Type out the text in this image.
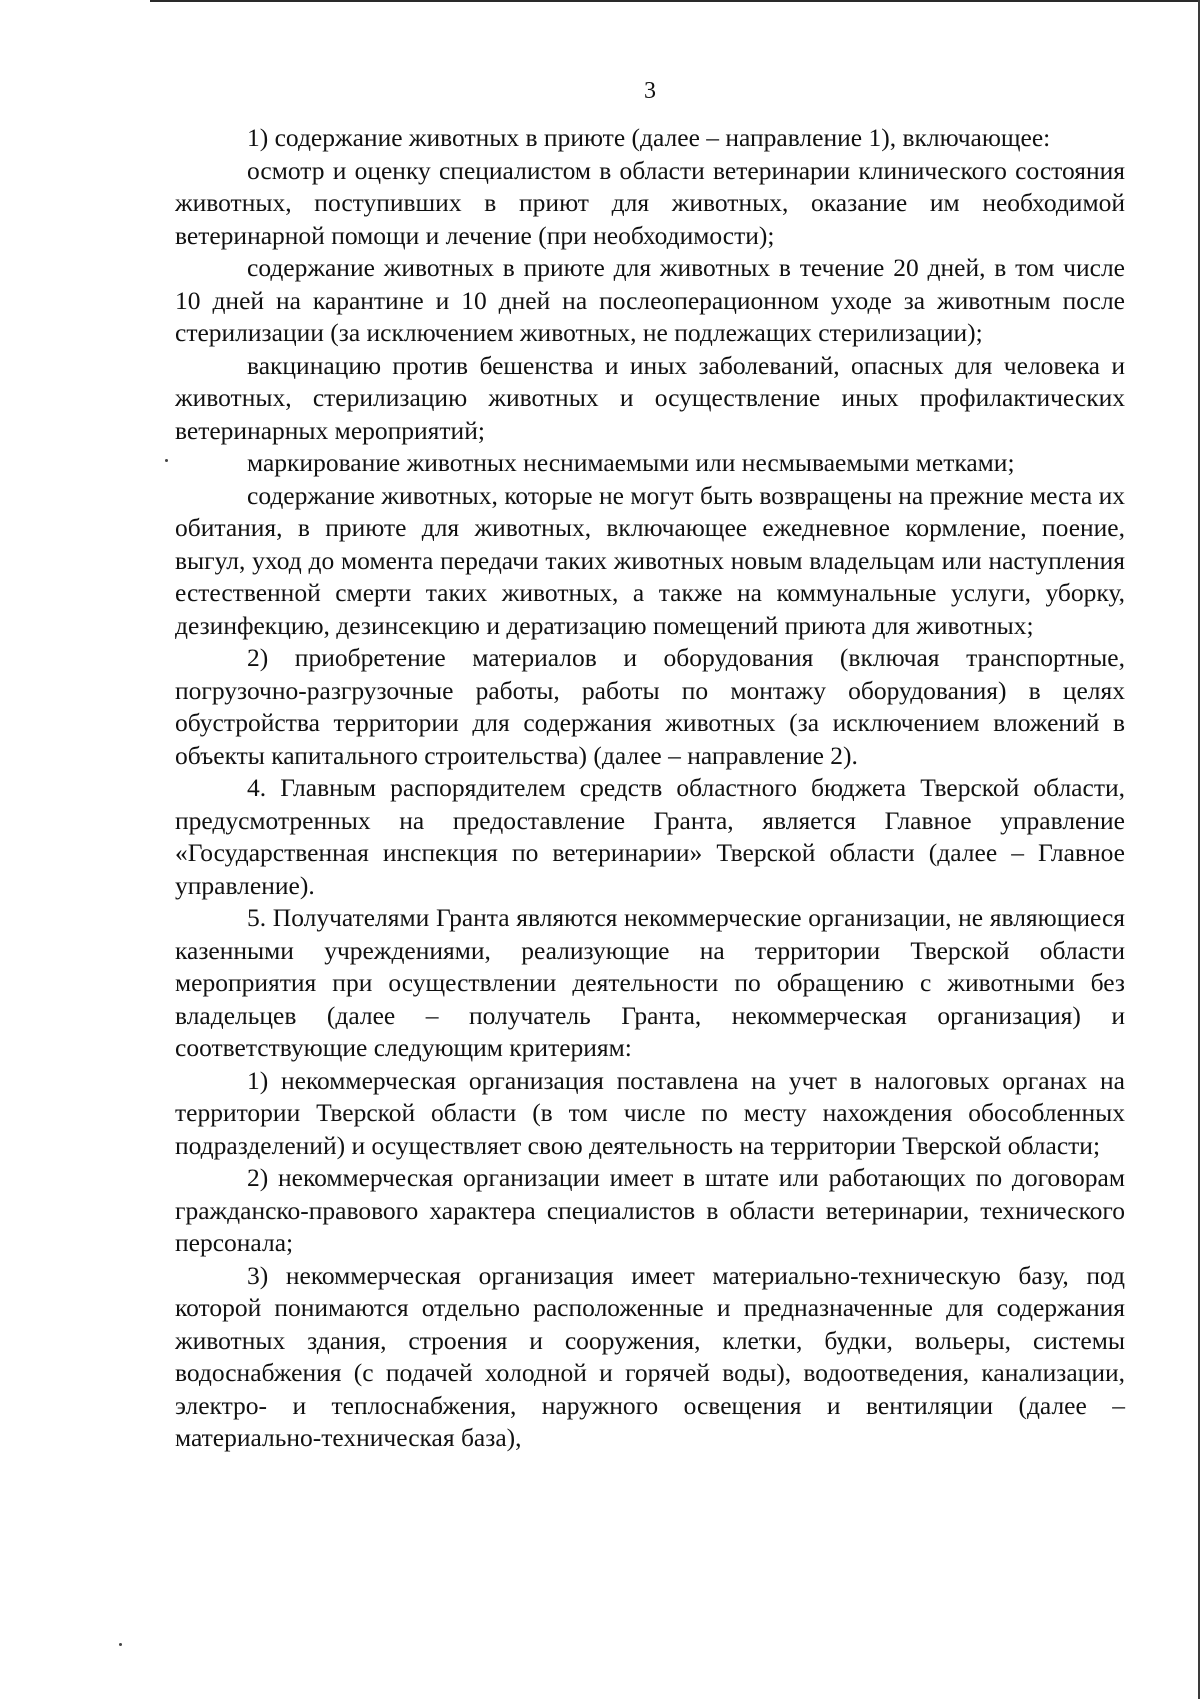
3

1) содержание животных в приюте (далее – направление 1), включающее:

осмотр и оценку специалистом в области ветеринарии клинического состояния животных, поступивших в приют для животных, оказание им необходимой ветеринарной помощи и лечение (при необходимости);

содержание животных в приюте для животных в течение 20 дней, в том числе 10 дней на карантине и 10 дней на послеоперационном уходе за животным после стерилизации (за исключением животных, не подлежащих стерилизации);

вакцинацию против бешенства и иных заболеваний, опасных для человека и животных, стерилизацию животных и осуществление иных профилактических ветеринарных мероприятий;

маркирование животных неснимаемыми или несмываемыми метками;

содержание животных, которые не могут быть возвращены на прежние места их обитания, в приюте для животных, включающее ежедневное кормление, поение, выгул, уход до момента передачи таких животных новым владельцам или наступления естественной смерти таких животных, а также на коммунальные услуги, уборку, дезинфекцию, дезинсекцию и дератизацию помещений приюта для животных;

2) приобретение материалов и оборудования (включая транспортные, погрузочно-разгрузочные работы, работы по монтажу оборудования) в целях обустройства территории для содержания животных (за исключением вложений в объекты капитального строительства) (далее – направление 2).

4. Главным распорядителем средств областного бюджета Тверской области, предусмотренных на предоставление Гранта, является Главное управление «Государственная инспекция по ветеринарии» Тверской области (далее – Главное управление).

5. Получателями Гранта являются некоммерческие организации, не являющиеся казенными учреждениями, реализующие на территории Тверской области мероприятия при осуществлении деятельности по обращению с животными без владельцев (далее – получатель Гранта, некоммерческая организация) и соответствующие следующим критериям:

1) некоммерческая организация поставлена на учет в налоговых органах на территории Тверской области (в том числе по месту нахождения обособленных подразделений) и осуществляет свою деятельность на территории Тверской области;

2) некоммерческая организации имеет в штате или работающих по договорам гражданско-правового характера специалистов в области ветеринарии, технического персонала;

3) некоммерческая организация имеет материально-техническую базу, под которой понимаются отдельно расположенные и предназначенные для содержания животных здания, строения и сооружения, клетки, будки, вольеры, системы водоснабжения (с подачей холодной и горячей воды), водоотведения, канализации, электро- и теплоснабжения, наружного освещения и вентиляции (далее – материально-техническая база),
